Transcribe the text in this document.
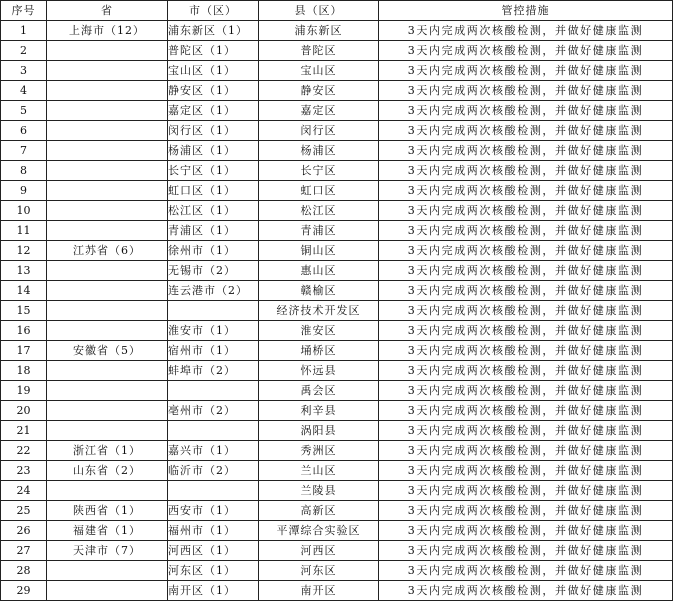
序号	省	市（区）	县（区）	管控措施
1	上海市（12）	浦东新区（1）	浦东新区	3天内完成两次核酸检测，并做好健康监测
2		普陀区（1）	普陀区	3天内完成两次核酸检测，并做好健康监测
3		宝山区（1）	宝山区	3天内完成两次核酸检测，并做好健康监测
4		静安区（1）	静安区	3天内完成两次核酸检测，并做好健康监测
5		嘉定区（1）	嘉定区	3天内完成两次核酸检测，并做好健康监测
6		闵行区（1）	闵行区	3天内完成两次核酸检测，并做好健康监测
7		杨浦区（1）	杨浦区	3天内完成两次核酸检测，并做好健康监测
8		长宁区（1）	长宁区	3天内完成两次核酸检测，并做好健康监测
9		虹口区（1）	虹口区	3天内完成两次核酸检测，并做好健康监测
10		松江区（1）	松江区	3天内完成两次核酸检测，并做好健康监测
11		青浦区（1）	青浦区	3天内完成两次核酸检测，并做好健康监测
12	江苏省（6）	徐州市（1）	铜山区	3天内完成两次核酸检测，并做好健康监测
13		无锡市（2）	惠山区	3天内完成两次核酸检测，并做好健康监测
14		连云港市（2）	赣榆区	3天内完成两次核酸检测，并做好健康监测
15			经济技术开发区	3天内完成两次核酸检测，并做好健康监测
16		淮安市（1）	淮安区	3天内完成两次核酸检测，并做好健康监测
17	安徽省（5）	宿州市（1）	埇桥区	3天内完成两次核酸检测，并做好健康监测
18		蚌埠市（2）	怀远县	3天内完成两次核酸检测，并做好健康监测
19			禹会区	3天内完成两次核酸检测，并做好健康监测
20		亳州市（2）	利辛县	3天内完成两次核酸检测，并做好健康监测
21			涡阳县	3天内完成两次核酸检测，并做好健康监测
22	浙江省（1）	嘉兴市（1）	秀洲区	3天内完成两次核酸检测，并做好健康监测
23	山东省（2）	临沂市（2）	兰山区	3天内完成两次核酸检测，并做好健康监测
24			兰陵县	3天内完成两次核酸检测，并做好健康监测
25	陕西省（1）	西安市（1）	高新区	3天内完成两次核酸检测，并做好健康监测
26	福建省（1）	福州市（1）	平潭综合实验区	3天内完成两次核酸检测，并做好健康监测
27	天津市（7）	河西区（1）	河西区	3天内完成两次核酸检测，并做好健康监测
28		河东区（1）	河东区	3天内完成两次核酸检测，并做好健康监测
29		南开区（1）	南开区	3天内完成两次核酸检测，并做好健康监测
